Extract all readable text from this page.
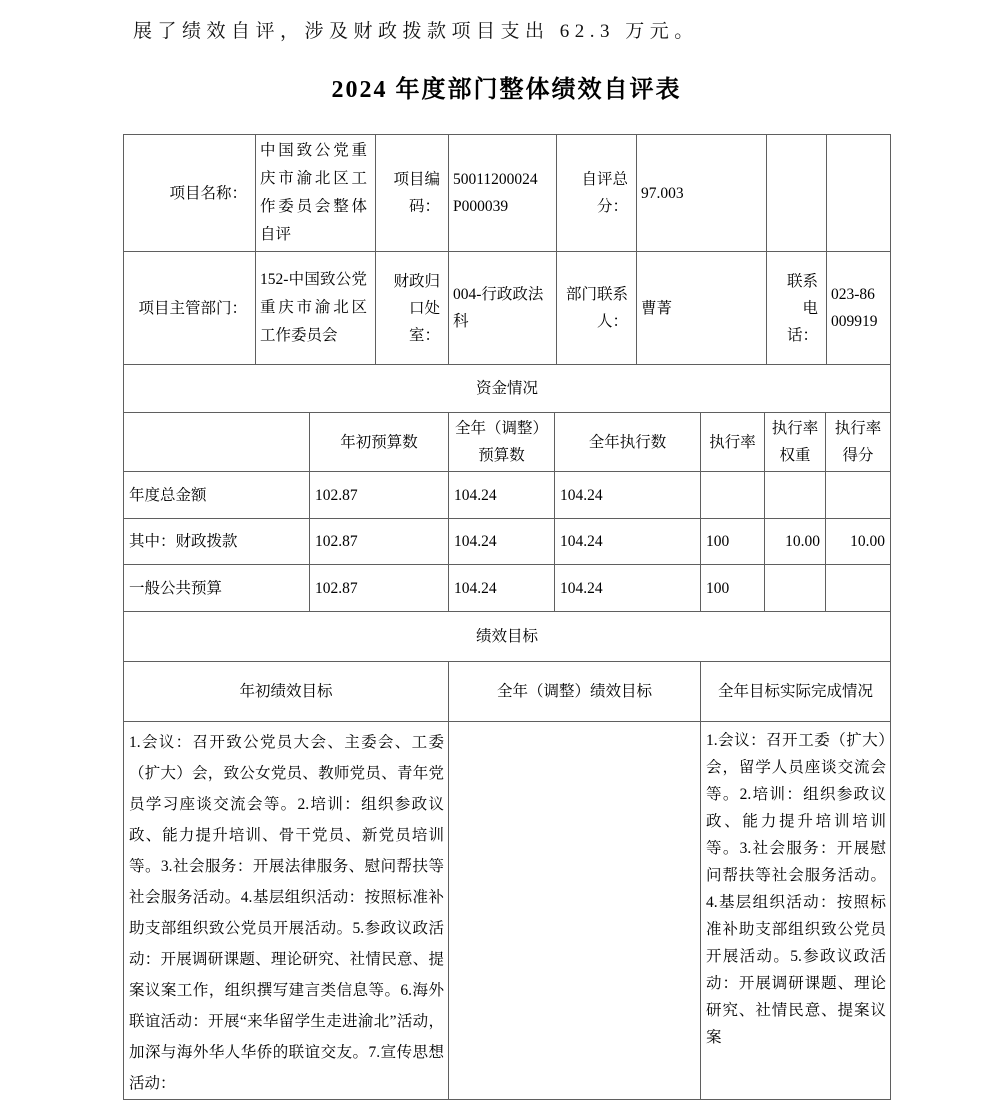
展了绩效自评，涉及财政拨款项目支出 62.3 万元。
2024 年度部门整体绩效自评表
项目名称：	中国致公党重庆市渝北区工作委员会整体自评	项目编码：	50011200024P000039	自评总分：	97.003		
项目主管部门：	152-中国致公党重庆市渝北区工作委员会	财政归口处室：	004-行政政法科	部门联系人：	曹菁	联系电话：	023-86009919
资金情况						
	年初预算数	全年（调整）预算数	全年执行数	执行率	执行率权重	执行率得分
年度总金额	102.87	104.24	104.24			
其中：财政拨款	102.87	104.24	104.24	100	10.00	10.00
一般公共预算	102.87	104.24	104.24	100		
绩效目标		
年初绩效目标	全年（调整）绩效目标	全年目标实际完成情况
1.会议：召开致公党员大会、主委会、工委（扩大）会，致公女党员、教师党员、青年党员学习座谈交流会等。2.培训：组织参政议政、能力提升培训、骨干党员、新党员培训等。3.社会服务：开展法律服务、慰问帮扶等社会服务活动。4.基层组织活动：按照标准补助支部组织致公党员开展活动。5.参政议政活动：开展调研课题、理论研究、社情民意、提案议案工作，组织撰写建言类信息等。6.海外联谊活动：开展“来华留学生走进渝北”活动，加深与海外华人华侨的联谊交友。7.宣传思想活动：		1.会议：召开工委（扩大）会，留学人员座谈交流会等。2.培训：组织参政议政、能力提升培训培训等。3.社会服务：开展慰问帮扶等社会服务活动。4.基层组织活动：按照标准补助支部组织致公党员开展活动。5.参政议政活动：开展调研课题、理论研究、社情民意、提案议案
